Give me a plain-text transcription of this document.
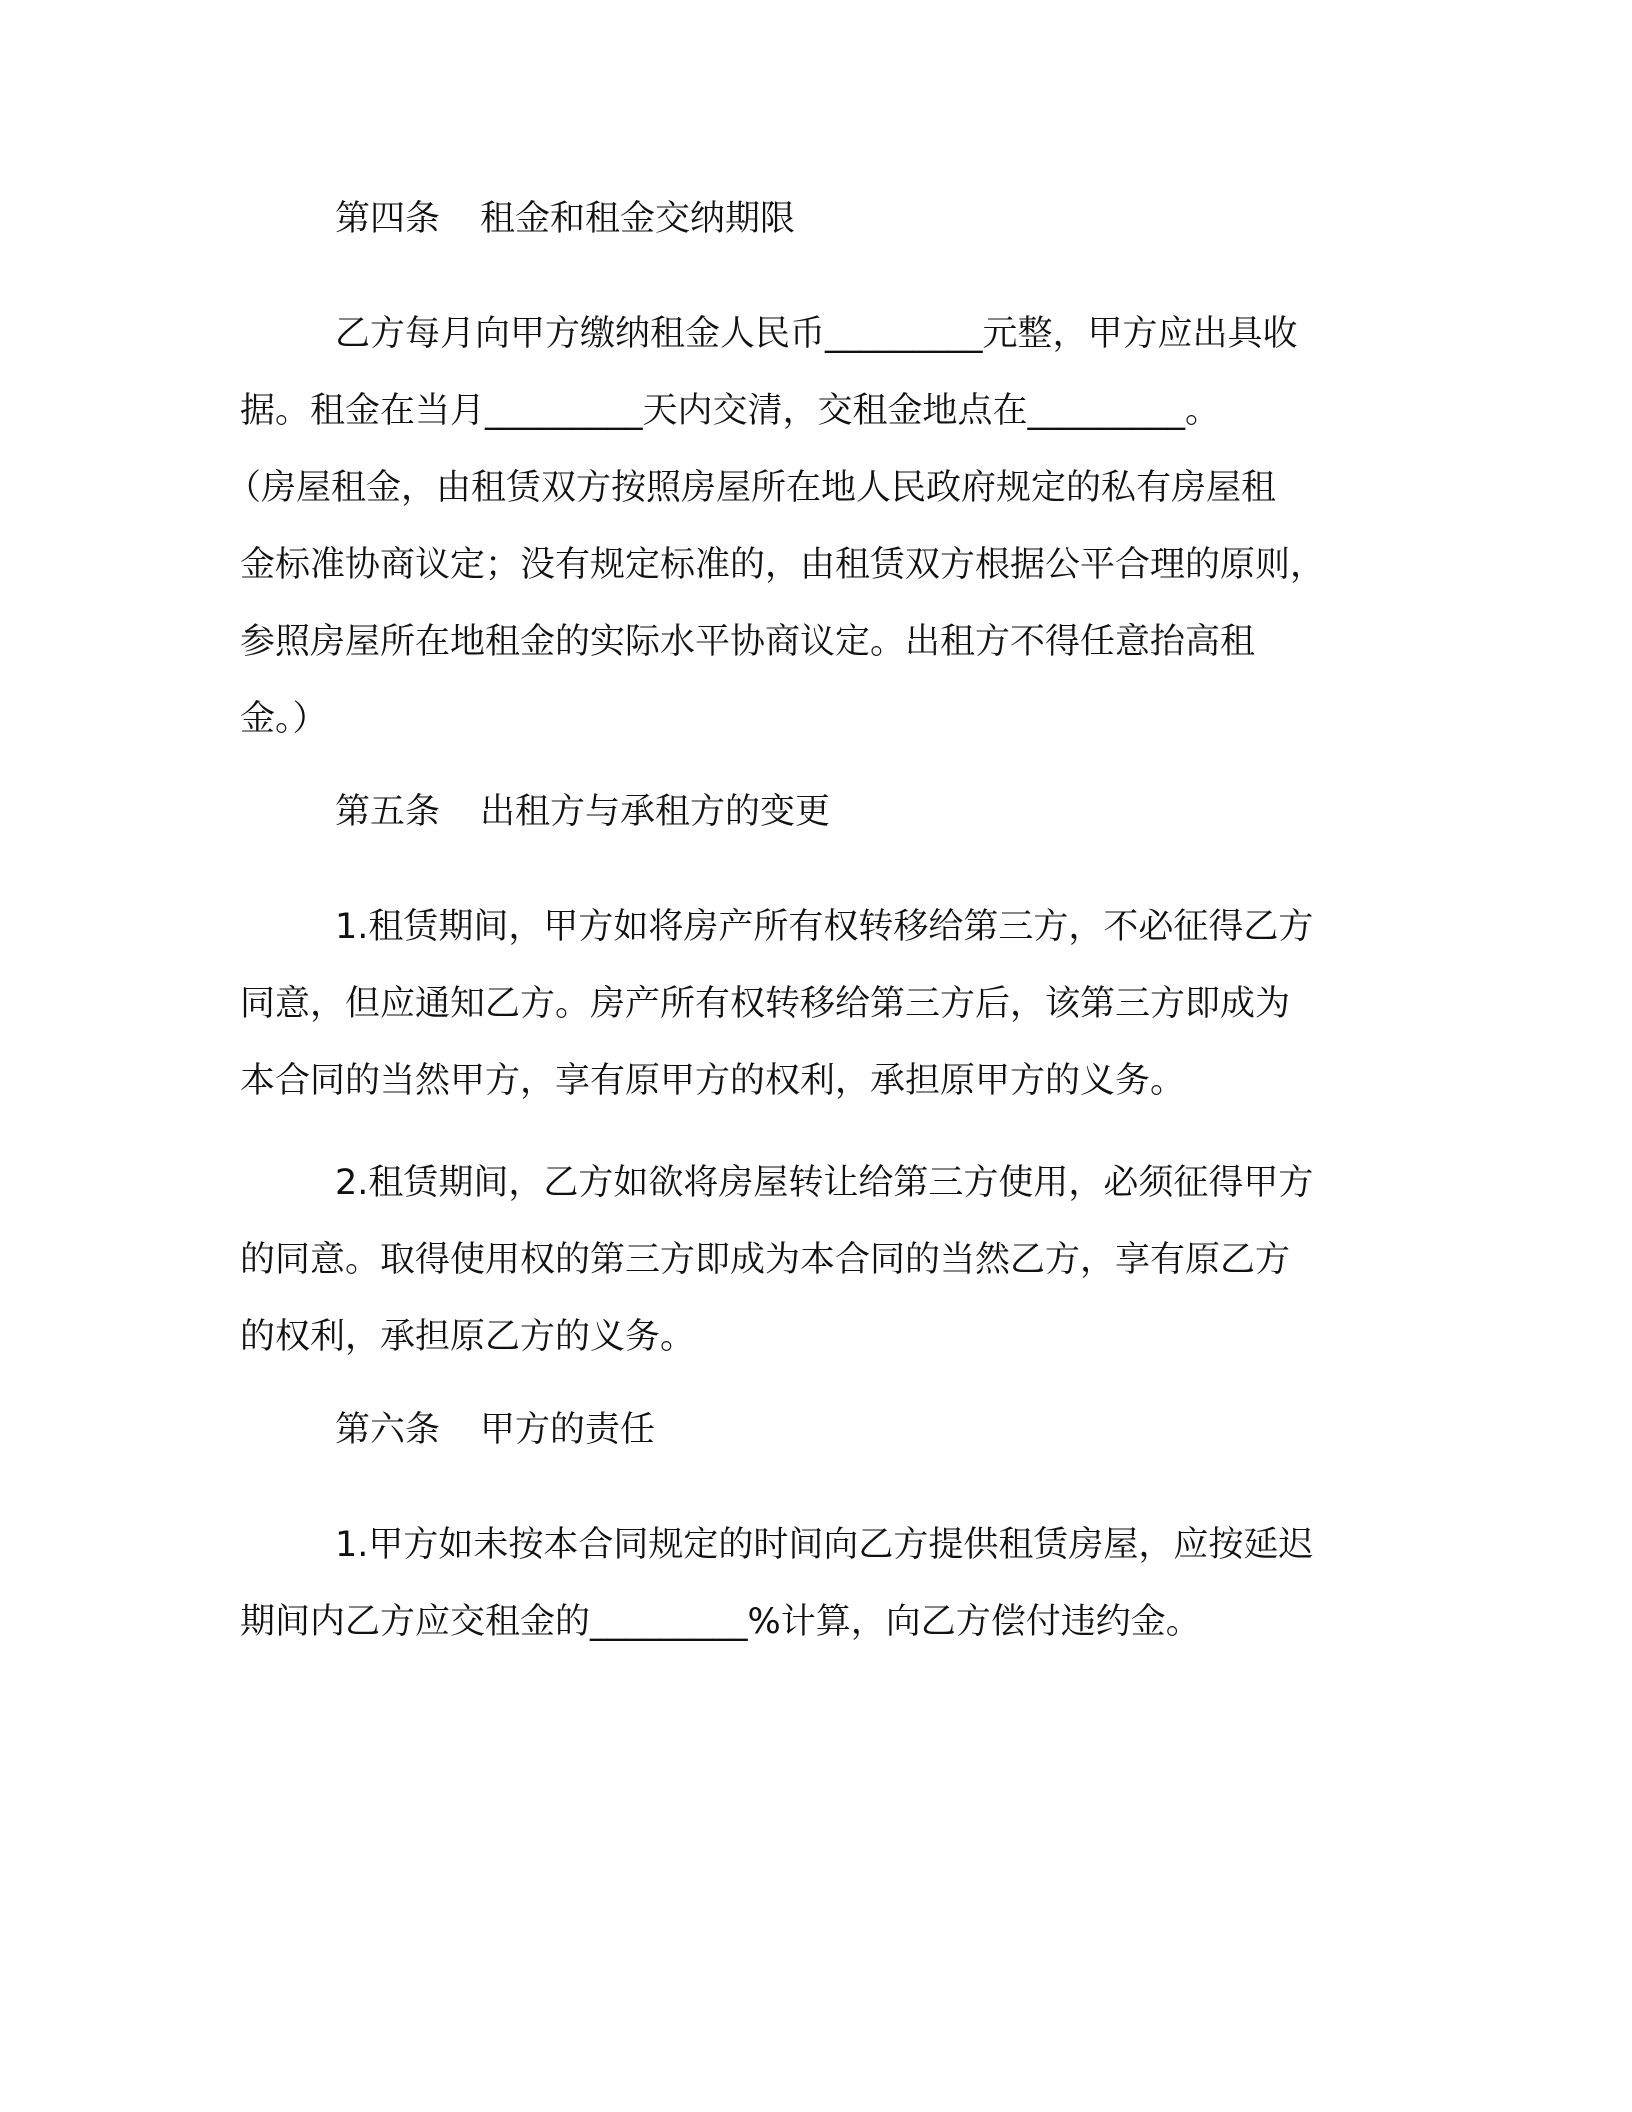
第四条 租金和租金交纳期限
乙方每月向甲方缴纳租金人民币_________元整，甲方应出具收
据。租金在当月_________天内交清，交租金地点在_________。
（房屋租金，由租赁双方按照房屋所在地人民政府规定的私有房屋租
金标准协商议定；没有规定标准的，由租赁双方根据公平合理的原则，
参照房屋所在地租金的实际水平协商议定。出租方不得任意抬高租
金。）
第五条 出租方与承租方的变更
1.租赁期间，甲方如将房产所有权转移给第三方，不必征得乙方
同意，但应通知乙方。房产所有权转移给第三方后，该第三方即成为
本合同的当然甲方，享有原甲方的权利，承担原甲方的义务。
2.租赁期间，乙方如欲将房屋转让给第三方使用，必须征得甲方
的同意。取得使用权的第三方即成为本合同的当然乙方，享有原乙方
的权利，承担原乙方的义务。
第六条 甲方的责任
1.甲方如未按本合同规定的时间向乙方提供租赁房屋，应按延迟
期间内乙方应交租金的_________%计算，向乙方偿付违约金。
